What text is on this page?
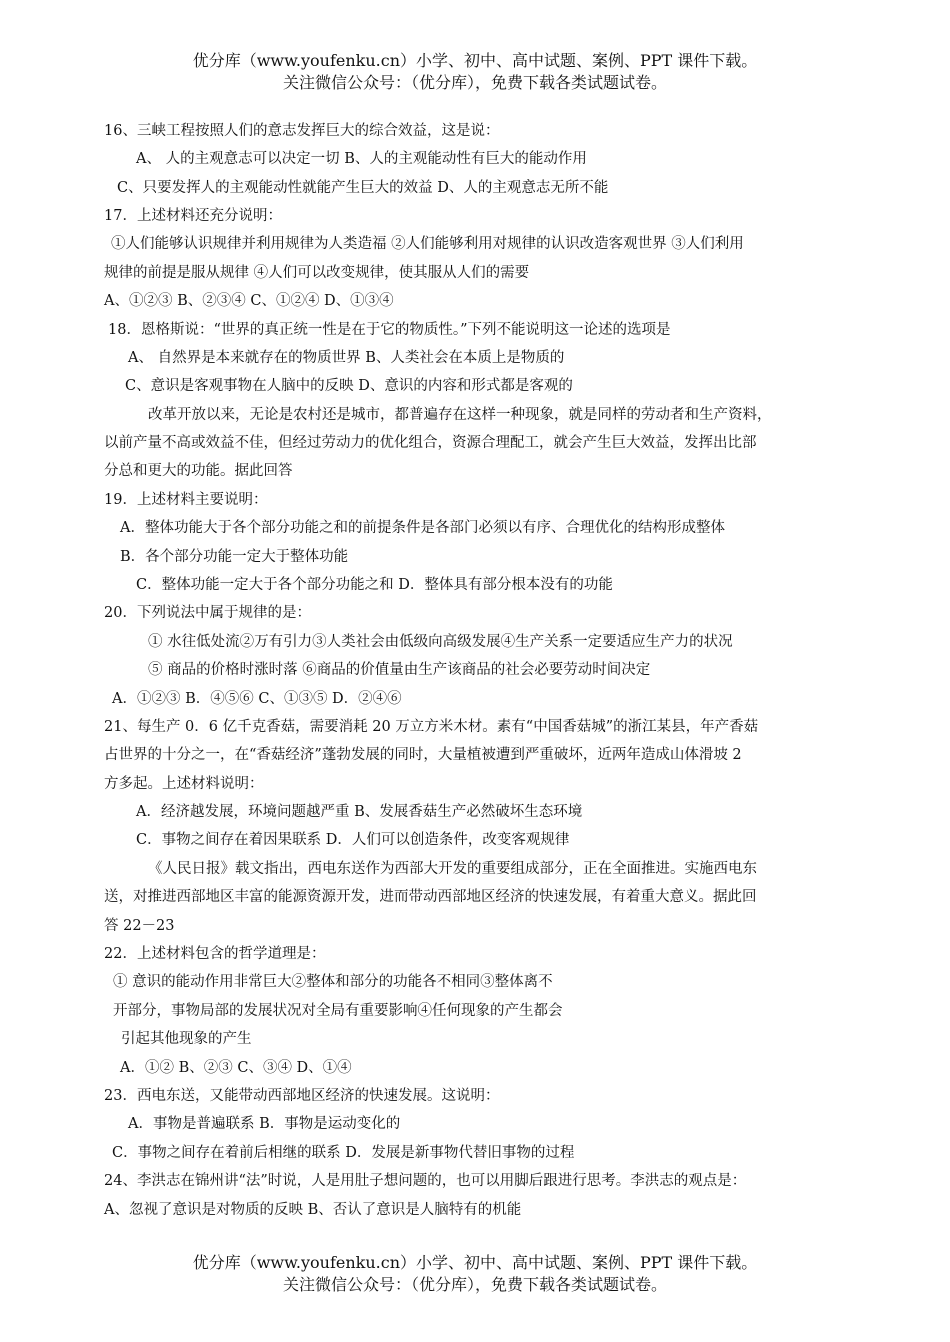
优分库（www.youfenku.cn）小学、初中、高中试题、案例、PPT 课件下载。
关注微信公众号：（优分库），免费下载各类试题试卷。
16、三峡工程按照人们的意志发挥巨大的综合效益，这是说：
A、 人的主观意志可以决定一切 B、人的主观能动性有巨大的能动作用
C、只要发挥人的主观能动性就能产生巨大的效益 D、人的主观意志无所不能
17．上述材料还充分说明：
①人们能够认识规律并利用规律为人类造福 ②人们能够利用对规律的认识改造客观世界 ③人们利用
规律的前提是服从规律 ④人们可以改变规律，使其服从人们的需要
A、①②③ B、②③④ C、①②④ D、①③④
18．恩格斯说：“世界的真正统一性是在于它的物质性。”下列不能说明这一论述的选项是
A、 自然界是本来就存在的物质世界 B、人类社会在本质上是物质的
C、意识是客观事物在人脑中的反映 D、意识的内容和形式都是客观的
改革开放以来，无论是农村还是城市，都普遍存在这样一种现象，就是同样的劳动者和生产资料，
以前产量不高或效益不佳，但经过劳动力的优化组合，资源合理配工，就会产生巨大效益，发挥出比部
分总和更大的功能。据此回答
19．上述材料主要说明：
A．整体功能大于各个部分功能之和的前提条件是各部门必须以有序、合理优化的结构形成整体
B．各个部分功能一定大于整体功能
C．整体功能一定大于各个部分功能之和 D．整体具有部分根本没有的功能
20．下列说法中属于规律的是：
① 水往低处流②万有引力③人类社会由低级向高级发展④生产关系一定要适应生产力的状况
⑤ 商品的价格时涨时落 ⑥商品的价值量由生产该商品的社会必要劳动时间决定
A．①②③ B．④⑤⑥ C、①③⑤ D．②④⑥
21、每生产 0．6 亿千克香菇，需要消耗 20 万立方米木材。素有“中国香菇城”的浙江某县，年产香菇
占世界的十分之一，在“香菇经济”蓬勃发展的同时，大量植被遭到严重破坏，近两年造成山体滑坡 2
方多起。上述材料说明：
A．经济越发展，环境问题越严重 B、发展香菇生产必然破坏生态环境
C．事物之间存在着因果联系 D．人们可以创造条件，改变客观规律
《人民日报》载文指出，西电东送作为西部大开发的重要组成部分，正在全面推进。实施西电东
送，对推进西部地区丰富的能源资源开发，进而带动西部地区经济的快速发展，有着重大意义。据此回
答 22－23
22．上述材料包含的哲学道理是：
① 意识的能动作用非常巨大②整体和部分的功能各不相同③整体离不
开部分，事物局部的发展状况对全局有重要影响④任何现象的产生都会
引起其他现象的产生
A．①② B、②③ C、③④ D、①④
23．西电东送，又能带动西部地区经济的快速发展。这说明：
A．事物是普遍联系 B．事物是运动变化的
C．事物之间存在着前后相继的联系 D．发展是新事物代替旧事物的过程
24、李洪志在锦州讲“法”时说，人是用肚子想问题的，也可以用脚后跟进行思考。李洪志的观点是：
A、忽视了意识是对物质的反映 B、否认了意识是人脑特有的机能
优分库（www.youfenku.cn）小学、初中、高中试题、案例、PPT 课件下载。
关注微信公众号：（优分库），免费下载各类试题试卷。
